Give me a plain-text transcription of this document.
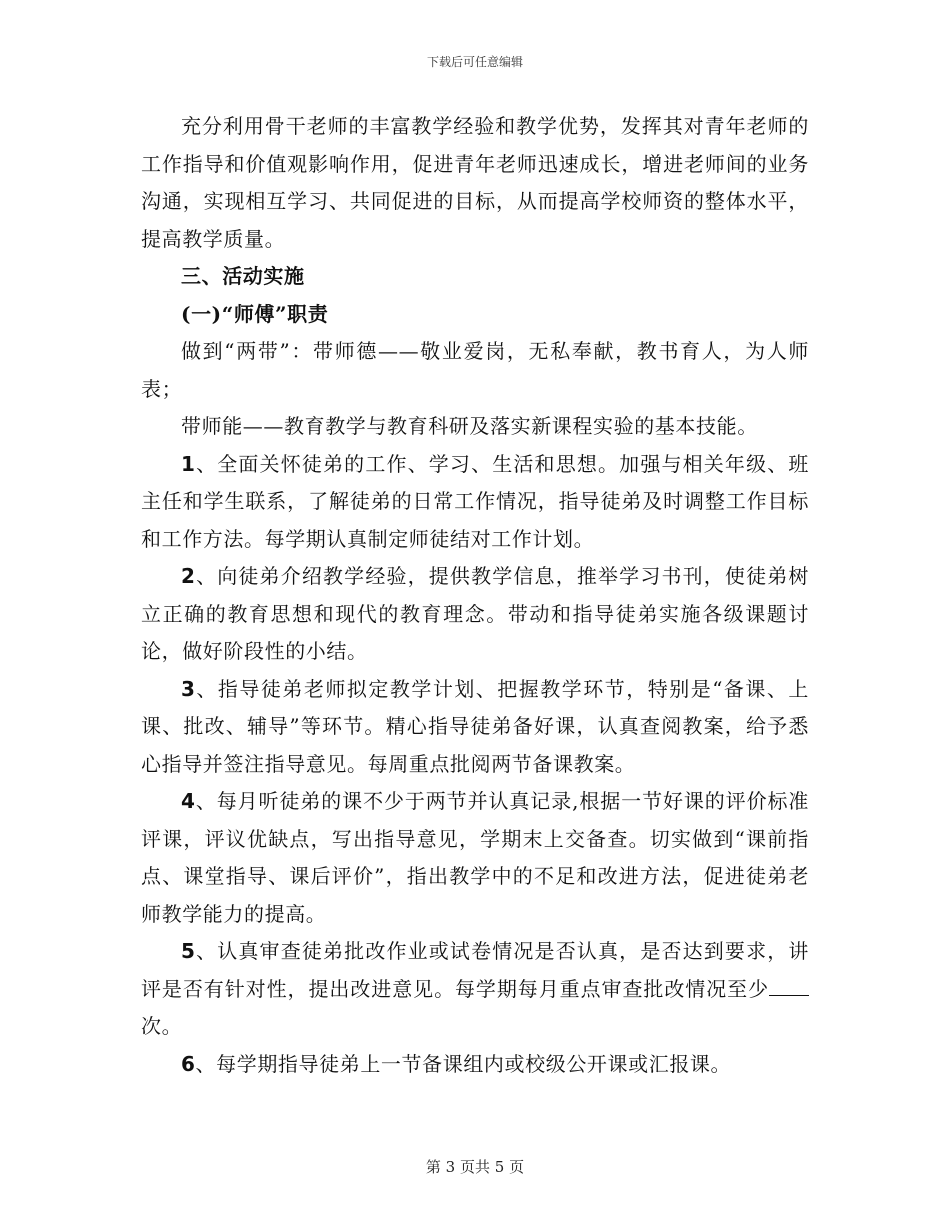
下载后可任意编辑

充分利用骨干老师的丰富教学经验和教学优势，发挥其对青年老师的工作指导和价值观影响作用，促进青年老师迅速成长，增进老师间的业务沟通，实现相互学习、共同促进的目标，从而提高学校师资的整体水平，提高教学质量。

三、活动实施

(一)“师傅”职责

做到“两带”：带师德——敬业爱岗，无私奉献，教书育人，为人师表；

带师能——教育教学与教育科研及落实新课程实验的基本技能。

1、全面关怀徒弟的工作、学习、生活和思想。加强与相关年级、班主任和学生联系，了解徒弟的日常工作情况，指导徒弟及时调整工作目标和工作方法。每学期认真制定师徒结对工作计划。

2、向徒弟介绍教学经验，提供教学信息，推举学习书刊，使徒弟树立正确的教育思想和现代的教育理念。带动和指导徒弟实施各级课题讨论，做好阶段性的小结。

3、指导徒弟老师拟定教学计划、把握教学环节，特别是“备课、上课、批改、辅导”等环节。精心指导徒弟备好课，认真查阅教案，给予悉心指导并签注指导意见。每周重点批阅两节备课教案。

4、每月听徒弟的课不少于两节并认真记录,根据一节好课的评价标准评课，评议优缺点，写出指导意见，学期末上交备查。切实做到“课前指点、课堂指导、课后评价”，指出教学中的不足和改进方法，促进徒弟老师教学能力的提高。

5、认真审查徒弟批改作业或试卷情况是否认真，是否达到要求，讲评是否有针对性，提出改进意见。每学期每月重点审查批改情况至少次。

6、每学期指导徒弟上一节备课组内或校级公开课或汇报课。

第 3 页共 5 页
